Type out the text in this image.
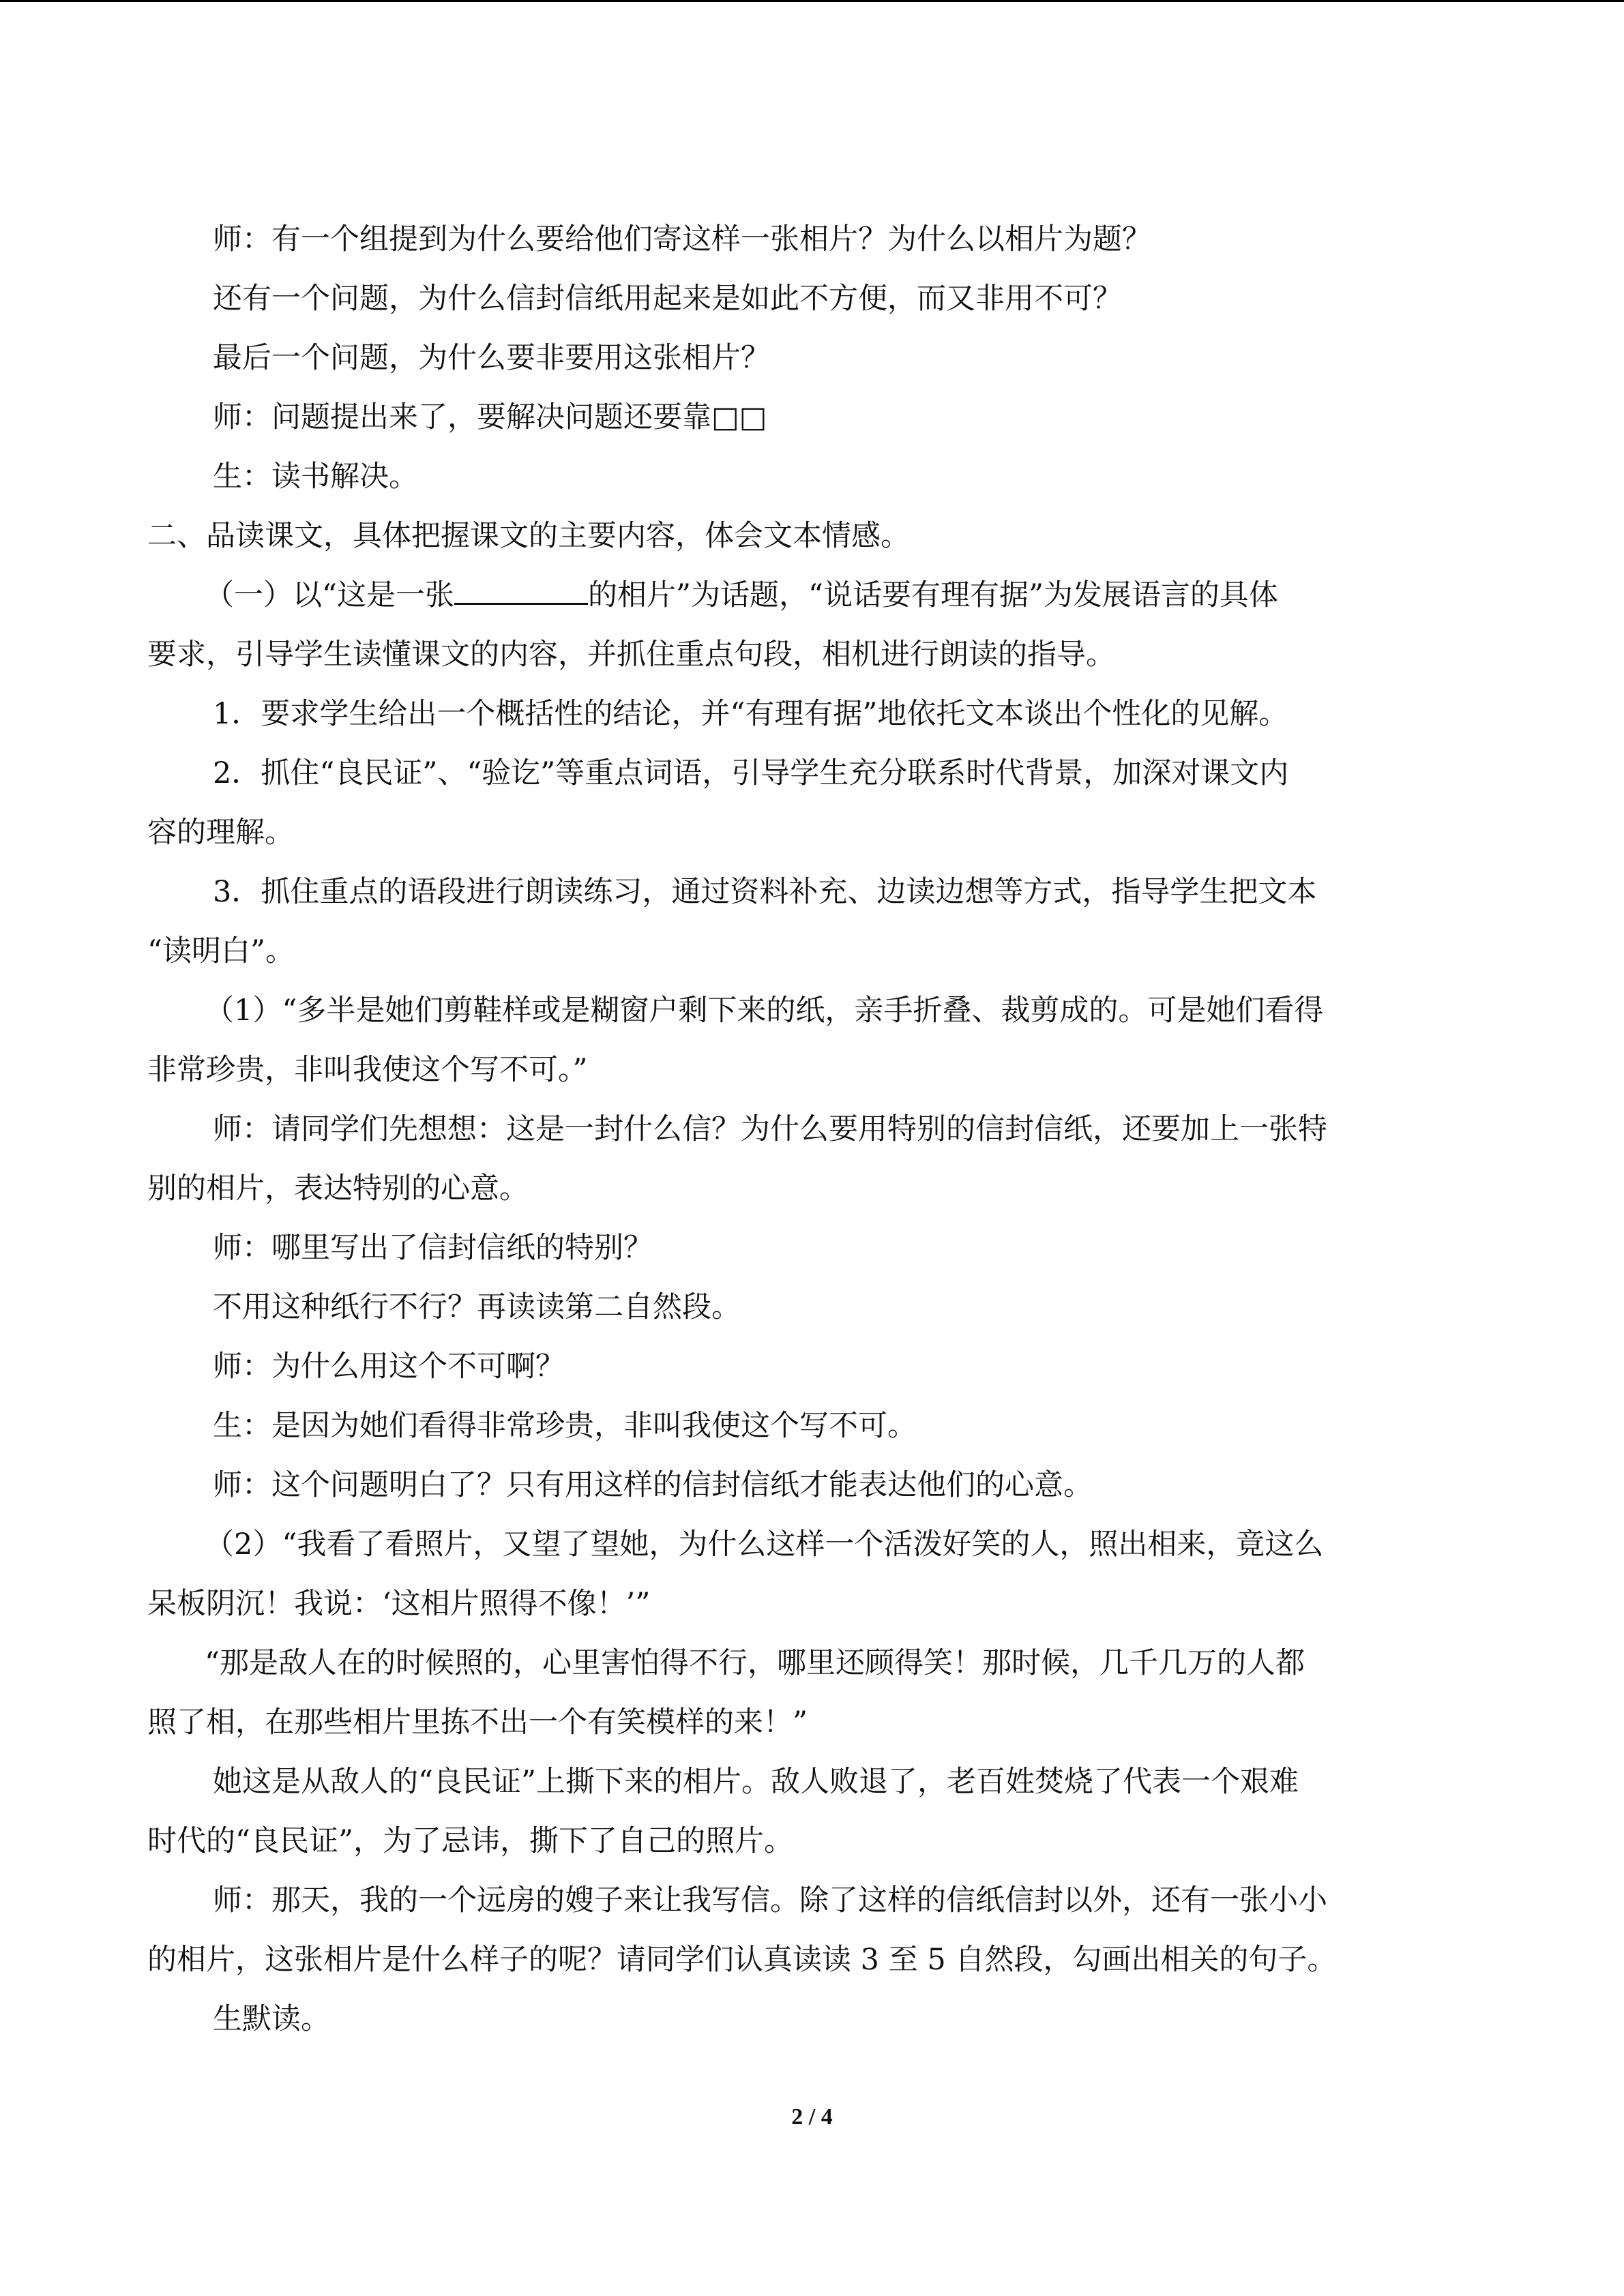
师：有一个组提到为什么要给他们寄这样一张相片？为什么以相片为题？
还有一个问题，为什么信封信纸用起来是如此不方便，而又非用不可？
最后一个问题，为什么要非要用这张相片？
师：问题提出来了，要解决问题还要靠□□
生：读书解决。
二、品读课文，具体把握课文的主要内容，体会文本情感。
（一）以“这是一张	的相片”为话题，“说话要有理有据”为发展语言的具体
要求，引导学生读懂课文的内容，并抓住重点句段，相机进行朗读的指导。
1．要求学生给出一个概括性的结论，并“有理有据”地依托文本谈出个性化的见解。
2．抓住“良民证”、“验讫”等重点词语，引导学生充分联系时代背景，加深对课文内
容的理解。
3．抓住重点的语段进行朗读练习，通过资料补充、边读边想等方式，指导学生把文本
“读明白”。
（1）“多半是她们剪鞋样或是糊窗户剩下来的纸，亲手折叠、裁剪成的。可是她们看得
非常珍贵，非叫我使这个写不可。”
师：请同学们先想想：这是一封什么信？为什么要用特别的信封信纸，还要加上一张特
别的相片，表达特别的心意。
师：哪里写出了信封信纸的特别？
不用这种纸行不行？再读读第二自然段。
师：为什么用这个不可啊？
生：是因为她们看得非常珍贵，非叫我使这个写不可。
师：这个问题明白了？只有用这样的信封信纸才能表达他们的心意。
（2）“我看了看照片，又望了望她，为什么这样一个活泼好笑的人，照出相来，竟这么
呆板阴沉！我说：‘这相片照得不像！’”
“那是敌人在的时候照的，心里害怕得不行，哪里还顾得笑！那时候，几千几万的人都
照了相，在那些相片里拣不出一个有笑模样的来！”
她这是从敌人的“良民证”上撕下来的相片。敌人败退了，老百姓焚烧了代表一个艰难
时代的“良民证”，为了忌讳，撕下了自己的照片。
师：那天，我的一个远房的嫂子来让我写信。除了这样的信纸信封以外，还有一张小小
的相片，这张相片是什么样子的呢？请同学们认真读读 3 至 5 自然段，勾画出相关的句子。
生默读。
2 / 4
